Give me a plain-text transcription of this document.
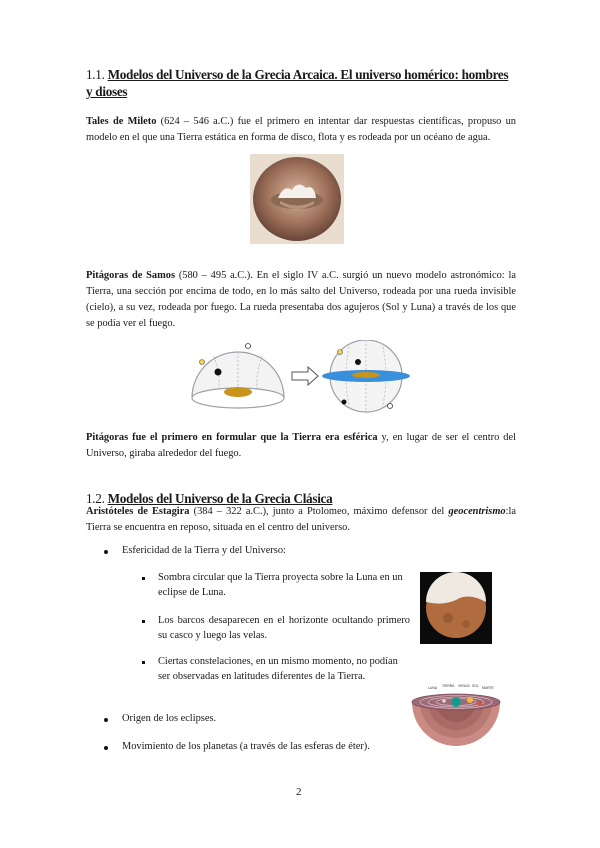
1.1. Modelos del Universo de la Grecia Arcaica. El universo homérico: hombres y dioses
Tales de Mileto (624 – 546 a.C.) fue el primero en intentar dar respuestas científicas, propuso un modelo en el que una Tierra estática en forma de disco, flota y es rodeada por un océano de agua.
Pitágoras de Samos (580 – 495 a.C.). En el siglo IV a.C. surgió un nuevo modelo astronómico: la Tierra, una sección por encima de todo, en lo más salto del Universo, rodeada por una rueda invisible (cielo), a su vez, rodeada por fuego. La rueda presentaba dos agujeros (Sol y Luna) a través de los que se podía ver el fuego.
Pitágoras fue el primero en formular que la Tierra era esférica y, en lugar de ser el centro del Universo, giraba alrededor del fuego.
1.2. Modelos del Universo de la Grecia Clásica
Aristóteles de Estagira (384 – 322 a.C.), junto a Ptolomeo, máximo defensor del geocentrismo:la Tierra se encuentra en reposo, situada en el centro del universo.
Esfericidad de la Tierra y del Universo:
Sombra circular que la Tierra proyecta sobre la Luna en un eclipse de Luna.
Los barcos desaparecen en el horizonte ocultando primero su casco y luego las velas.
Ciertas constelaciones, en un mismo momento, no podían ser observadas en latitudes diferentes de la Tierra.
Origen de los eclipses.
Movimiento de los planetas (a través de las esferas de éter).
LUNA TIERRA VENUS SOL MARTE
2
